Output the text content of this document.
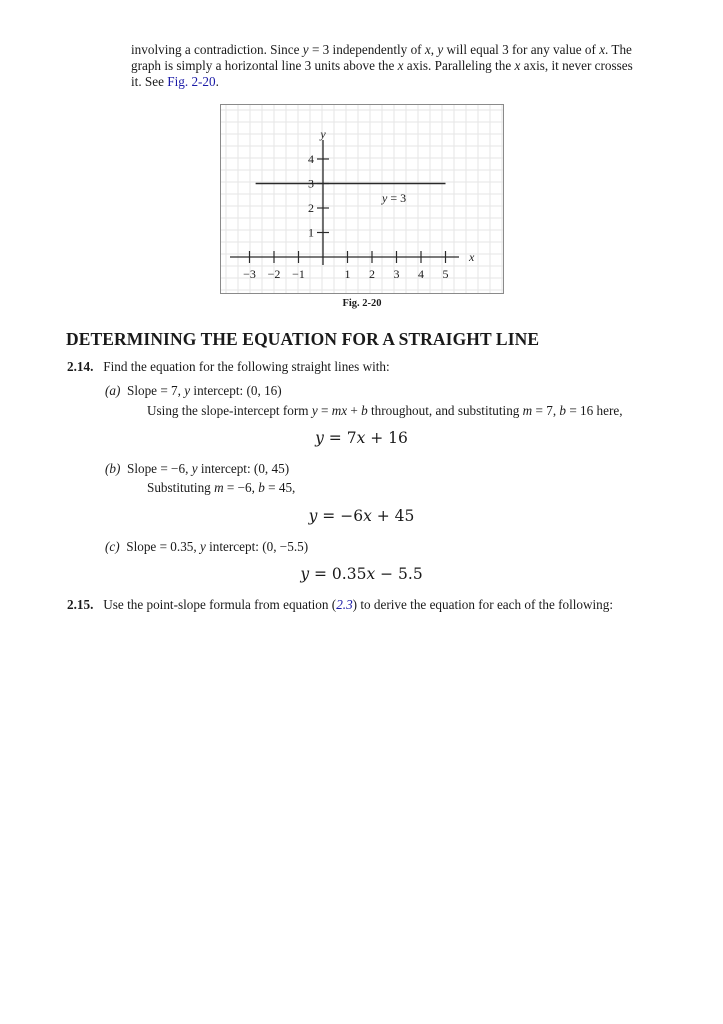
involving a contradiction. Since y = 3 independently of x, y will equal 3 for any value of x. The
graph is simply a horizontal line 3 units above the x axis. Paralleling the x axis, it never crosses
it. See Fig. 2-20.
y
x
y = 3
−3 −2 −1	1 2 3 4 5
1
2
3
4
Fig. 2-20
DETERMINING THE EQUATION FOR A STRAIGHT LINE
2.14. Find the equation for the following straight lines with:
(a) Slope = 7, y intercept: (0, 16)
Using the slope-intercept form y = mx + b throughout, and substituting m = 7, b = 16 here,
y = 7x + 16
(b) Slope = −6, y intercept: (0, 45)
Substituting m = −6, b = 45,
y = −6x + 45
(c) Slope = 0.35, y intercept: (0, −5.5)
y = 0.35x − 5.5
2.15. Use the point-slope formula from equation (2.3) to derive the equation for each of the following:
